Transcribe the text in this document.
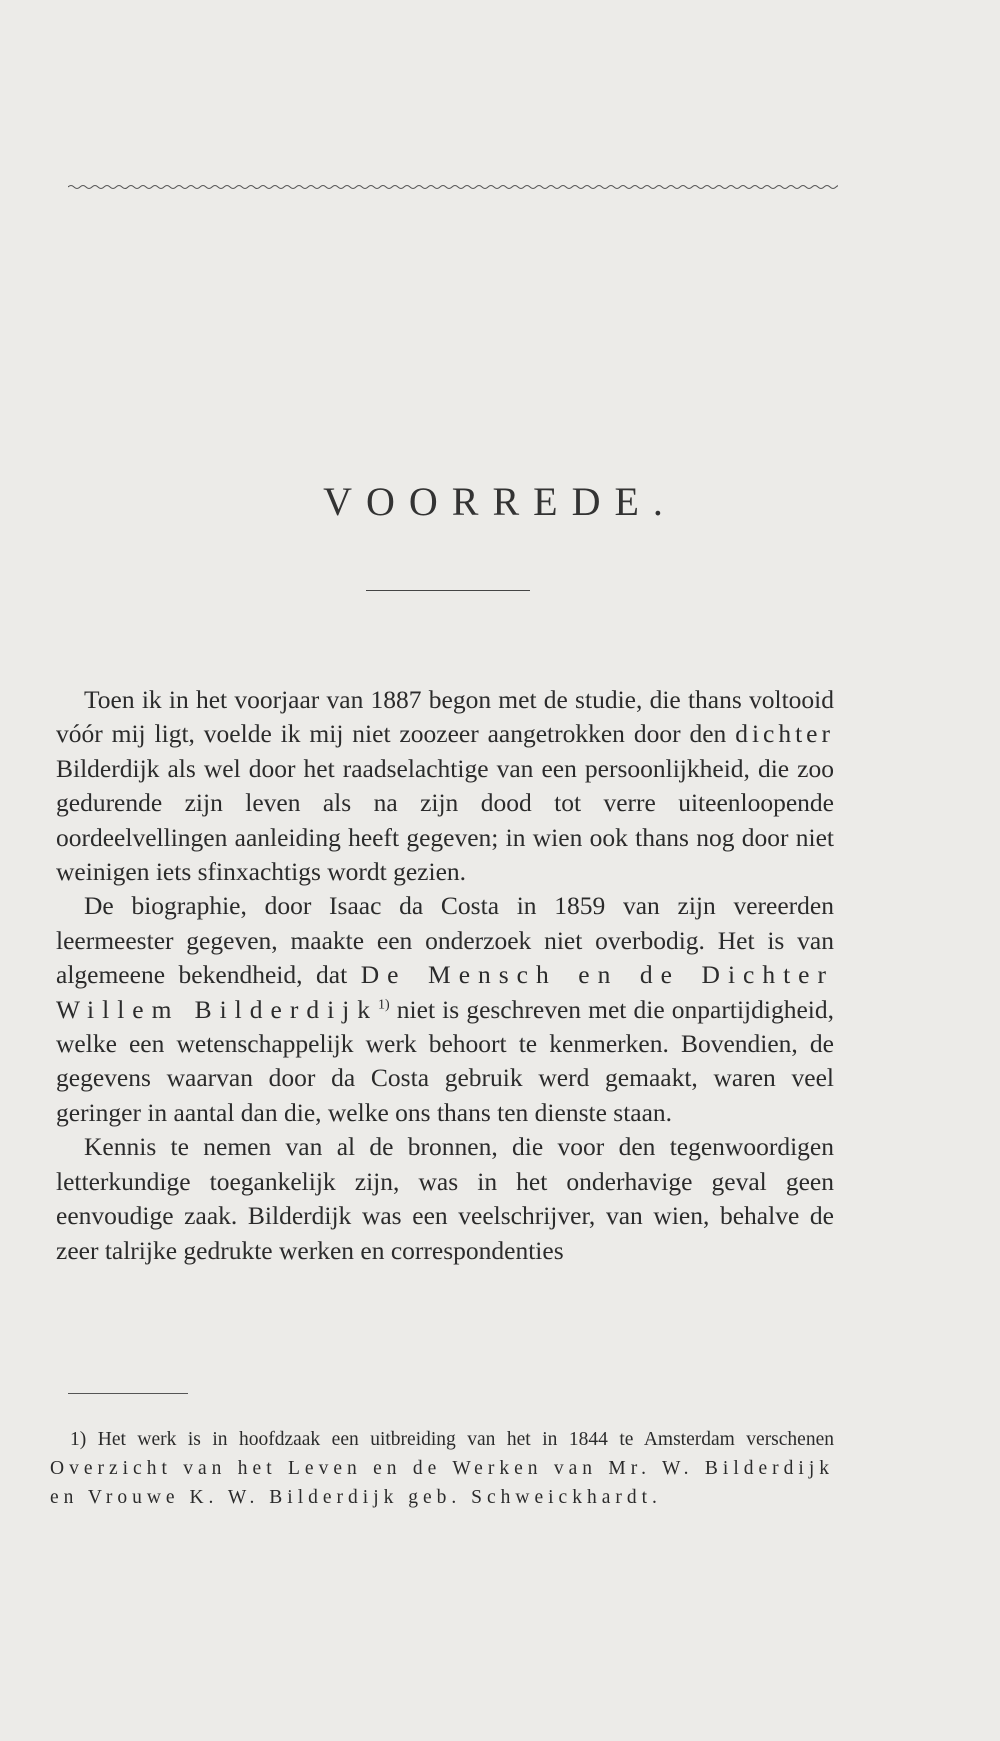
VOORREDE.

Toen ik in het voorjaar van 1887 begon met de studie, die thans voltooid vóór mij ligt, voelde ik mij niet zoozeer aangetrokken door den dichter Bilderdijk als wel door het raadselachtige van een persoonlijkheid, die zoo gedurende zijn leven als na zijn dood tot verre uiteenloopende oordeelvellingen aanleiding heeft gegeven; in wien ook thans nog door niet weinigen iets sfinxachtigs wordt gezien.

De biographie, door Isaac da Costa in 1859 van zijn vereerden leermeester gegeven, maakte een onderzoek niet overbodig. Het is van algemeene bekendheid, dat De Mensch en de Dichter Willem Bilderdijk$^{1)}$ niet is geschreven met die onpartijdigheid, welke een wetenschappelijk werk behoort te kenmerken. Bovendien, de gegevens waarvan door da Costa gebruik werd gemaakt, waren veel geringer in aantal dan die, welke ons thans ten dienste staan.

Kennis te nemen van al de bronnen, die voor den tegenwoordigen letterkundige toegankelijk zijn, was in het onderhavige geval geen eenvoudige zaak. Bilderdijk was een veelschrijver, van wien, behalve de zeer talrijke gedrukte werken en correspondenties

1) Het werk is in hoofdzaak een uitbreiding van het in 1844 te Amsterdam verschenen Overzicht van het Leven en de Werken van Mr. W. Bilderdijk en Vrouwe K. W. Bilderdijk geb. Schweickhardt.
